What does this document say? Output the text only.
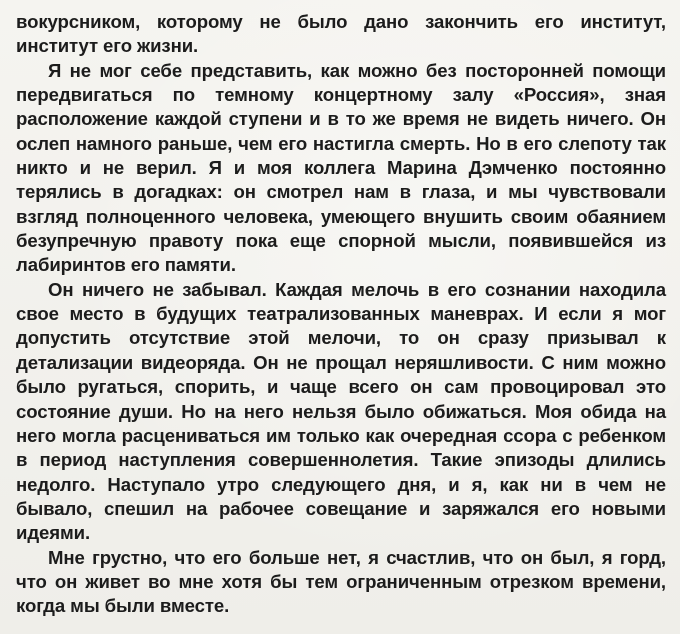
вокурсником, которому не было дано закончить его институт, институт его жизни.

Я не мог себе представить, как можно без посторонней помощи передвигаться по темному концертному залу «Россия», зная расположение каждой ступени и в то же время не видеть ничего. Он ослеп намного раньше, чем его настигла смерть. Но в его слепоту так никто и не верил. Я и моя коллега Марина Дэмченко постоянно терялись в догадках: он смотрел нам в глаза, и мы чувствовали взгляд полноценного человека, умеющего внушить своим обаянием безупречную правоту пока еще спорной мысли, появившейся из лабиринтов его памяти.

Он ничего не забывал. Каждая мелочь в его сознании находила свое место в будущих театрализованных маневрах. И если я мог допустить отсутствие этой мелочи, то он сразу призывал к детализации видеоряда. Он не прощал неряшливости. С ним можно было ругаться, спорить, и чаще всего он сам провоцировал это состояние души. Но на него нельзя было обижаться. Моя обида на него могла расцениваться им только как очередная ссора с ребенком в период наступления совершеннолетия. Такие эпизоды длились недолго. Наступало утро следующего дня, и я, как ни в чем не бывало, спешил на рабочее совещание и заряжался его новыми идеями.

Мне грустно, что его больше нет, я счастлив, что он был, я горд, что он живет во мне хотя бы тем ограниченным отрезком времени, когда мы были вместе.
